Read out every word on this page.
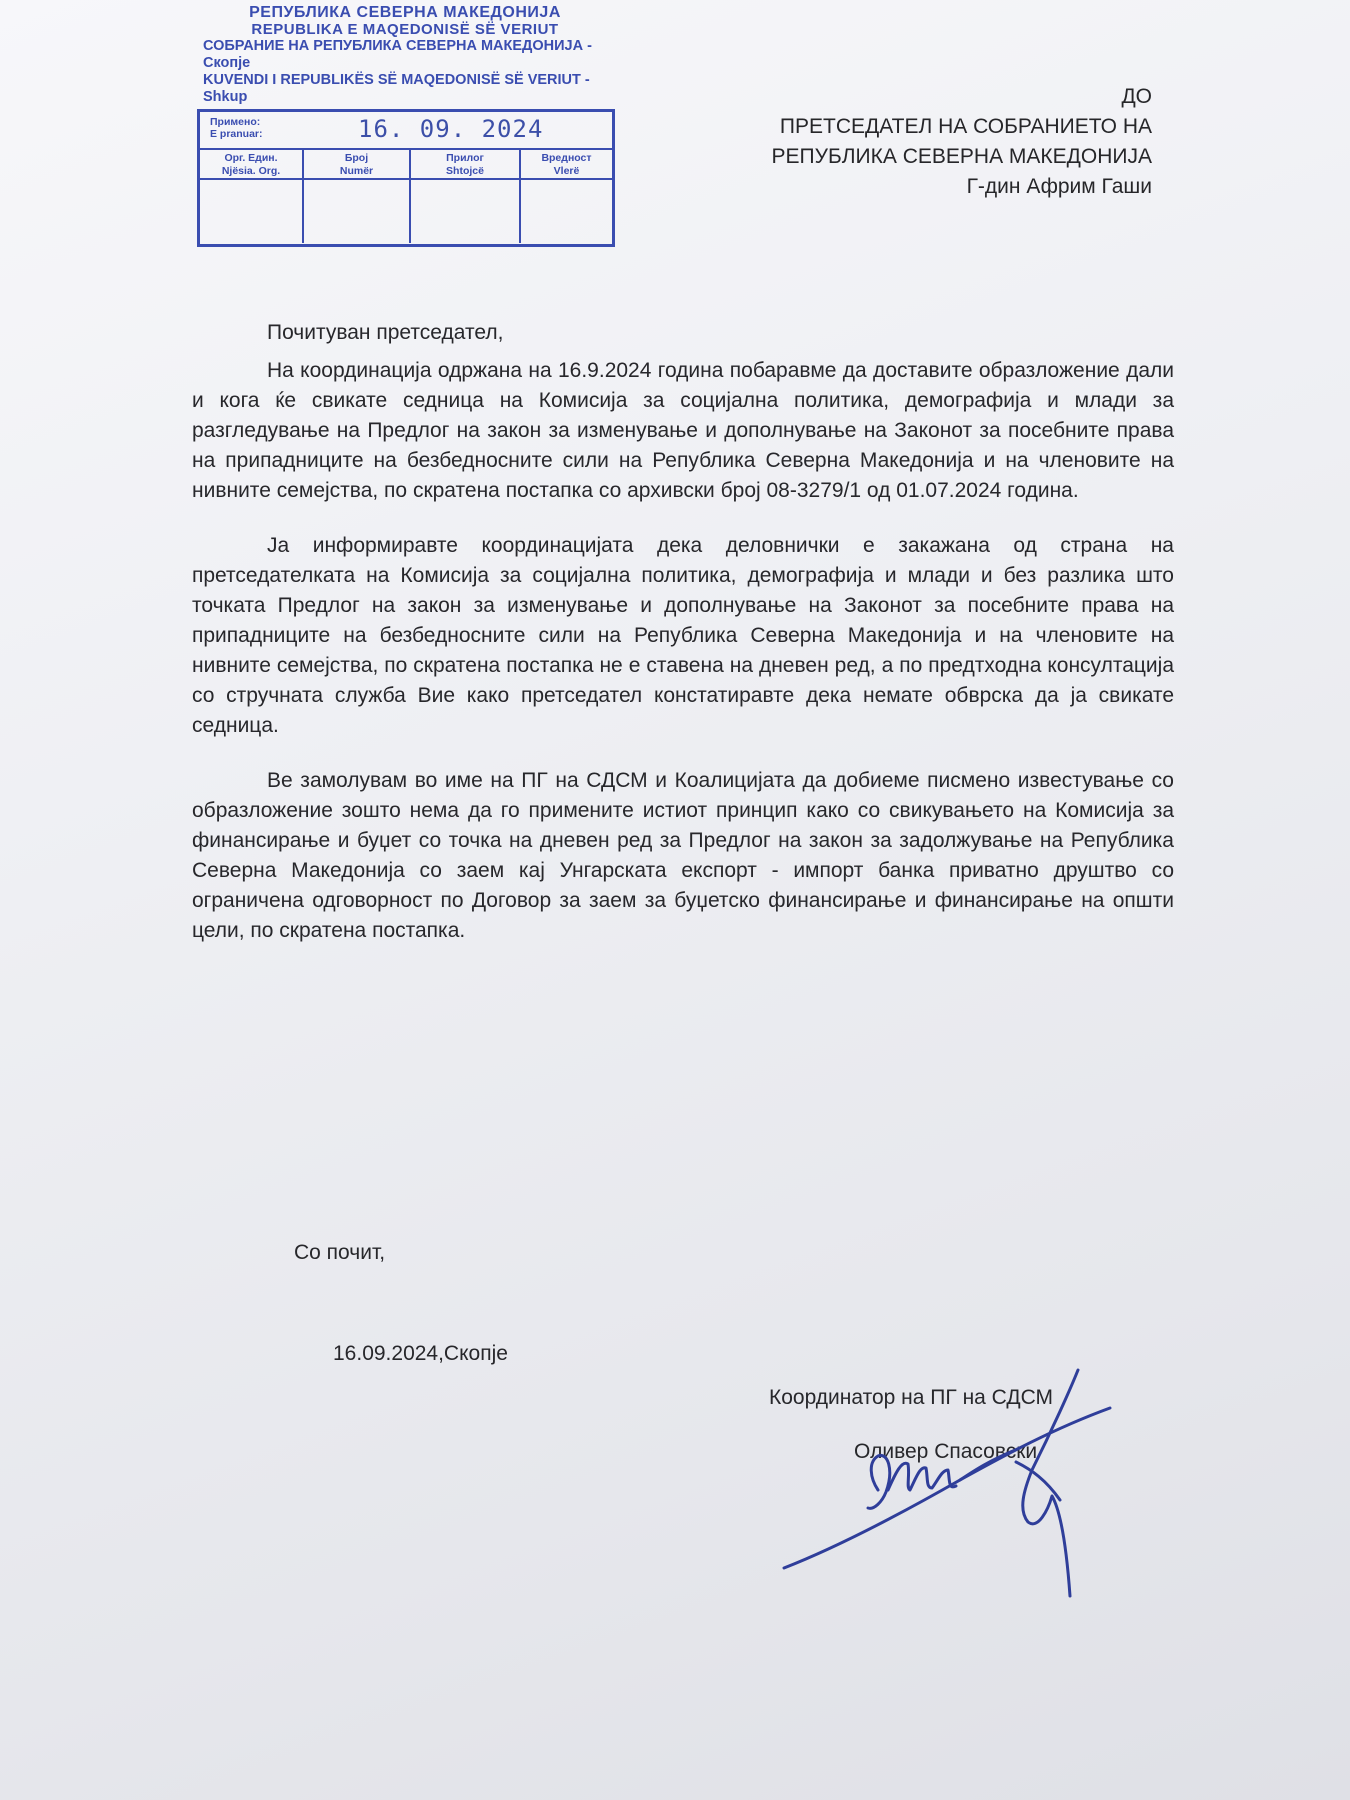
РЕПУБЛИКА СЕВЕРНА МАКЕДОНИЈА
REPUBLIKA E MAQEDONISË SË VERIUT
СОБРАНИЕ НА РЕПУБЛИКА СЕВЕРНА МАКЕДОНИЈА - Скопје
KUVENDI I REPUBLIKËS SË MAQEDONISË SË VERIUT - Shkup
Примено:
E pranuar:	16. 09. 2024
Орг. Един.
Njësia. Org.
Број
Numër
Прилог
Shtojcë
Вредност
Vlerë
ДО
ПРЕТСЕДАТЕЛ НА СОБРАНИЕТО НА
РЕПУБЛИКА СЕВЕРНА МАКЕДОНИЈА
Г-дин Африм Гаши
Почитуван претседател,

На координација одржана на 16.9.2024 година побаравме да доставите образложение дали и кога ќе свикате седница на Комисија за социјална политика, демографија и млади за разгледување на Предлог на закон за изменување и дополнување на Законот за посебните права на припадниците на безбедносните сили на Република Северна Македонија и на членовите на нивните семејства, по скратена постапка со архивски број 08-3279/1 од 01.07.2024 година.

Ја информиравте координацијата дека деловнички е закажана од страна на претседателката на Комисија за социјална политика, демографија и млади и без разлика што точката Предлог на закон за изменување и дополнување на Законот за посебните права на припадниците на безбедносните сили на Република Северна Македонија и на членовите на нивните семејства, по скратена постапка не е ставена на дневен ред, а по предтходна консултација со стручната служба Вие како претседател констатиравте дека немате обврска да ја свикате седница.

Ве замолувам во име на ПГ на СДСМ и Коалицијата да добиеме писмено известување со образложение зошто нема да го примените истиот принцип како со свикувањето на Комисија за финансирање и буџет со точка на дневен ред за Предлог на закон за задолжување на Република Северна Македонија со заем кај Унгарската експорт - импорт банка приватно друштво со ограничена одговорност по Договор за заем за буџетско финансирање и финансирање на општи цели, по скратена постапка.

Со почит,
16.09.2024,Скопје
Координатор на ПГ на СДСМ
Оливер Спасовски
